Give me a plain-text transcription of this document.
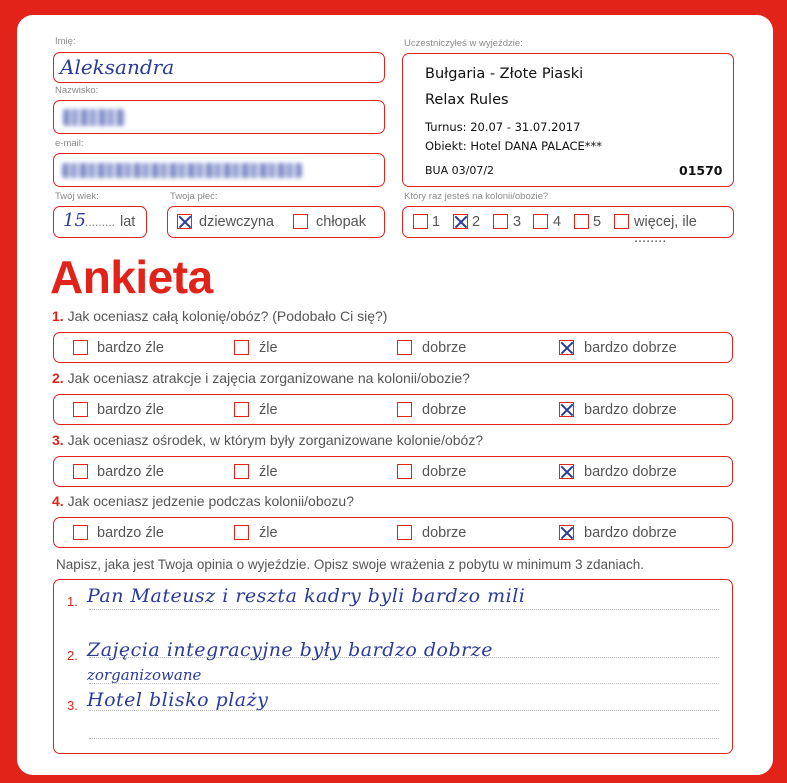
Imię:
Aleksandra
Nazwisko:
e-mail:
Twój wiek:
15 ......... lat
Twoja płeć:
dziewczyna	chłopak
Uczestniczyłeś w wyjeździe:
Bułgaria - Złote Piaski
Relax Rules
Turnus: 20.07 - 31.07.2017
Obiekt: Hotel DANA PALACE***
BUA 03/07/2	01570
Który raz jesteś na kolonii/obozie?
1 2 3 4 5 więcej, ile ........
Ankieta
1. Jak oceniasz całą kolonię/obóz? (Podobało Ci się?)
bardzo źle	źle	dobrze	bardzo dobrze
2. Jak oceniasz atrakcje i zajęcia zorganizowane na kolonii/obozie?
bardzo źle	źle	dobrze	bardzo dobrze
3. Jak oceniasz ośrodek, w którym były zorganizowane kolonie/obóz?
bardzo źle	źle	dobrze	bardzo dobrze
4. Jak oceniasz jedzenie podczas kolonii/obozu?
bardzo źle	źle	dobrze	bardzo dobrze
Napisz, jaka jest Twoja opinia o wyjeździe. Opisz swoje wrażenia z pobytu w minimum 3 zdaniach.
1.
2.
3.
Pan Mateusz i reszta kadry byli bardzo mili
Zajęcia integracyjne były bardzo dobrze
zorganizowane
Hotel blisko plaży
